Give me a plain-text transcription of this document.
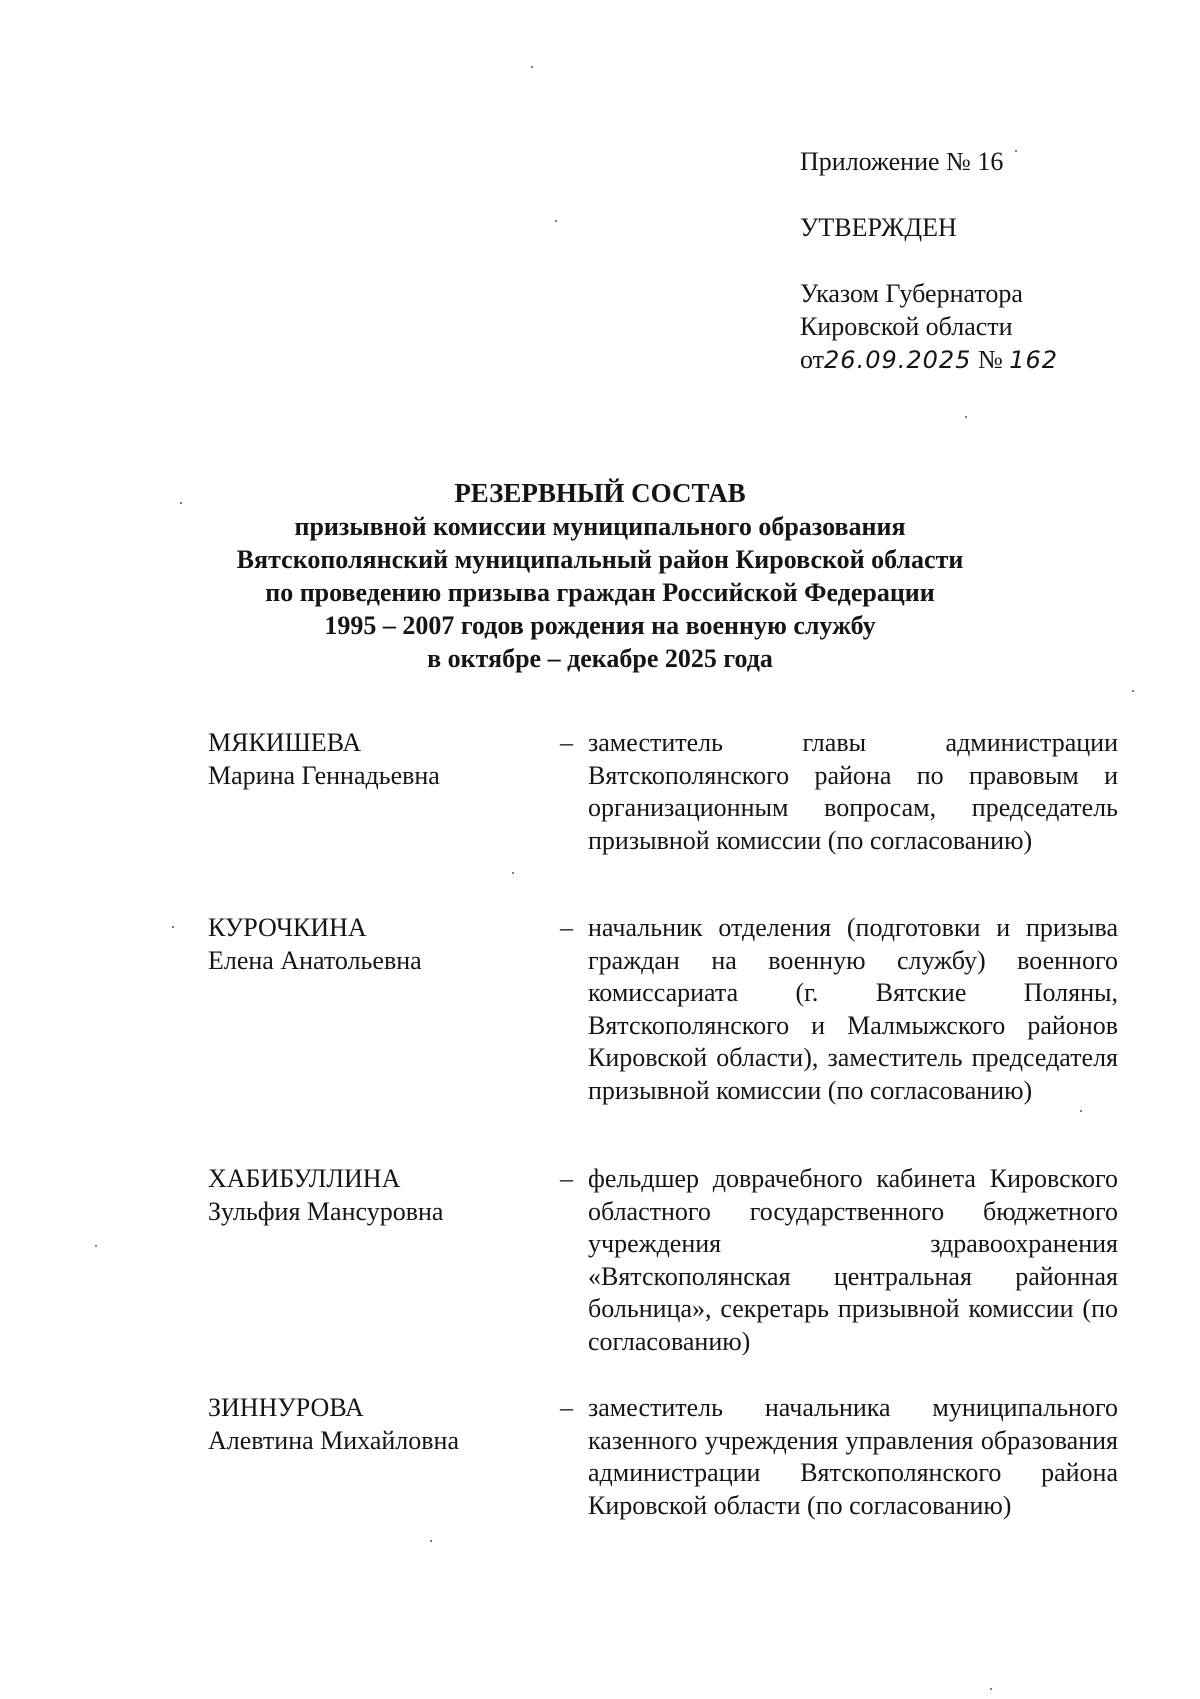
Приложение № 16
УТВЕРЖДЕН
Указом Губернатора
Кировской области
от26.09.2025 № 162
РЕЗЕРВНЫЙ СОСТАВ
призывной комиссии муниципального образования
Вятскополянский муниципальный район Кировской области
по проведению призыва граждан Российской Федерации
1995 – 2007 годов рождения на военную службу
в октябре – декабре 2025 года
МЯКИШЕВА
Марина Геннадьевна
– заместитель главы администрации Вятскополянского района по правовым и организационным вопросам, председатель призывной комиссии (по согласованию)
КУРОЧКИНА
Елена Анатольевна
– начальник отделения (подготовки и призыва граждан на военную службу) военного комиссариата (г. Вятские Поляны, Вятскополянского и Малмыжского районов Кировской области), заместитель председателя призывной комиссии (по согласованию)
ХАБИБУЛЛИНА
Зульфия Мансуровна
– фельдшер доврачебного кабинета Кировского областного государственного бюджетного учреждения здравоохранения «Вятскополянская центральная районная больница», секретарь призывной комиссии (по согласованию)
ЗИННУРОВА
Алевтина Михайловна
– заместитель начальника муниципального казенного учреждения управления образования администрации Вятскополянского района Кировской области (по согласованию)
